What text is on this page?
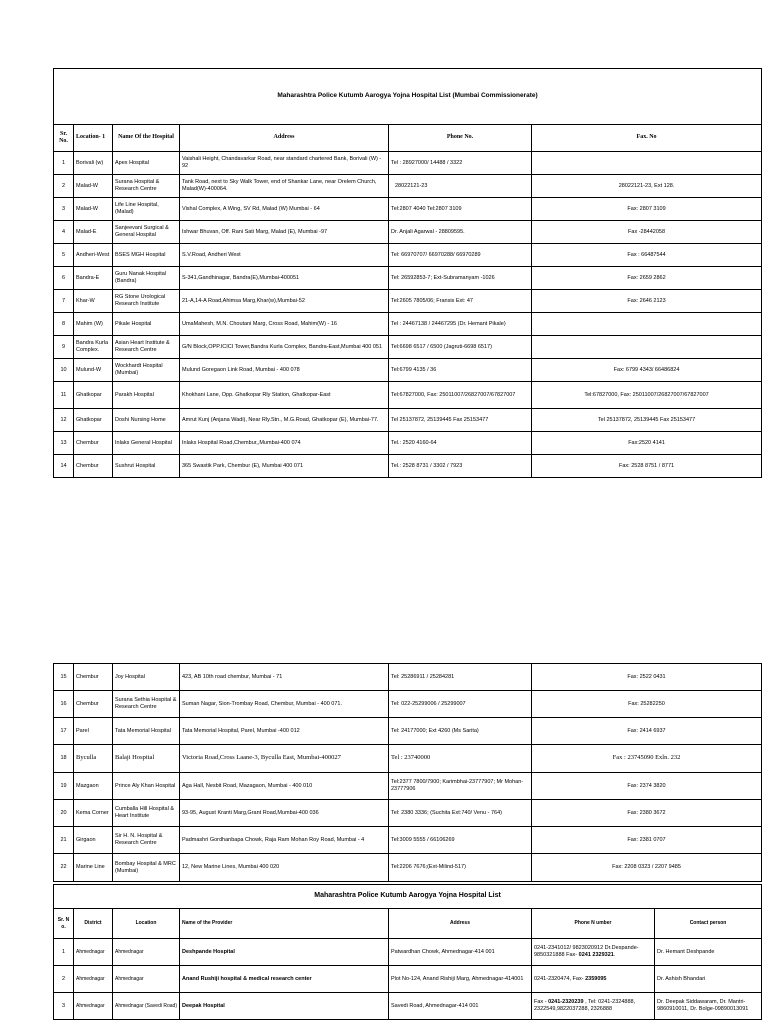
Maharashtra Police Kutumb Aarogya Yojna Hospital List (Mumbai Commissionerate)					
Sr. No.	Location- 1	Name Of the Hospital	Address	Phone No.	Fax. No
1	Borivali (w)	Apex Hospital	Vaishali Height, Chandavarkar Road, near standard chartered Bank, Borivali (W) - 92	Tel : 28927000/ 14488 / 3322	
2	Malad-W	Surana Hospital & Research Centre	Tank Road, next to Sky Walk Tower, end of Shankar Lane, near Orelem Church, Malad(W)-400064.	28022121-23	28022121-23, Ext 128.
3	Malad-W	Life Line Hospital, (Malad)	Vishal Complex, A Wing, SV Rd, Malad (W) Mumbai - 64	Tel:2807 4040 Tel:2807 3109	Fax: 2807 3109
4	Malad-E	Sanjeevani Surgical & General Hospital	Ishwar Bhuvan, Off. Rani Sati Marg, Malad (E), Mumbai -97	Dr. Anjali Agarwal - 28809595.	Fax -28442058
5	Andheri-West	BSES MGH Hospital	S.V.Road, Andheri West	Tel: 66970707/ 66970288/ 66970289	Fax : 66487544
6	Bandra-E	Guru Nanak Hospital (Bandra)	S-341,Gandhinagar, Bandra(E),Mumbai-400051	Tel: 26592853-7; Ext-Subramanyam -1026	Fax: 2659 2862
7	Khar-W	RG Stone Urological Research Institute	21-A,14-A Road,Ahimsa Marg,Khar(w),Mumbai-52	Tel:2605 7805/06; Fransis Ext: 47	Fax: 2646 2123
8	Mahim (W)	Pikale Hospital	UmaMahesh, M.N. Choutani Marg, Cross Road, Mahim(W) - 16	Tel : 24467138 / 24467295 (Dr. Hemant Pikale)	
9	Bandra Kurla Complex.	Asian Heart Institute & Research Centre	G/N Block,OPP.ICICI Tower,Bandra Kurla Complex, Bandra-East,Mumbai 400 051	Tel:6698 6517 / 6500 (Jagruti-6698 6517)	
10	Mulund-W	Wockhardt Hospital (Mumbai)	Mulund Goregaon Link Road, Mumbai - 400 078	Tel:6799 4135 / 36	Fax: 6799 4343/ 66486824
11	Ghatkopar	Parakh Hospital	Khokhani Lane, Opp. Ghatkopar Rly Station, Ghatkopar-East	Tel:67827000, Fax: 25011007/26827007/67827007	Tel:67827000, Fax: 25011007/26827007/67827007
12	Ghatkopar	Doshi Nursing Home	Amrut Kunj (Anjana Wadi), Near Rly.Stn., M.G.Road, Ghatkopar (E), Mumbai-77.	Tel 25137872, 25139445 Fax 25153477	Tel 25137872, 25139445 Fax 25153477
13	Chembur	Inlaks General Hospital	Inlaks Hospital Road,Chembur,,Mumbai-400 074	Tel.: 2520 4160-64	Fax:2520 4141
14	Chembur	Sushrut Hospital	365 Swastik Park, Chembur (E), Mumbai 400 071	Tel.: 2528 8731 / 3302 / 7923	Fax: 2528 8751 / 8771
15	Chembur	Joy Hospital	423, AB 10th road chembur, Mumbai - 71	Tel: 25286911 / 25284281	Fax: 2522 0431
16	Chembur	Surana Sethia Hospital & Research Centre	Suman Nagar, Sion-Trombay Road, Chembur, Mumbai - 400 071.	Tel: 022-25299006 / 25299007	Fax: 25282250
17	Parel	Tata Memorial Hospital	Tata Memorial Hospital, Parel, Mumbai -400 012	Tel: 24177000; Ext 4260 (Ms Sarita)	Fax: 2414 6937
18	Byculla	Balaji Hospital	Victoria Road,Cross Laane-3, Byculla East, Mumbai-400027	Tel : 23740000	Fax : 23745090 Exln. 232
19	Mazgaon	Prince Aly Khan Hospital	Aga Hall, Nesbit Road, Mazagaon, Mumbai - 400 010	Tel:2377 7800/7900; Karimbhai-23777907; Mr Mohan-23777906	Fax: 2374 3820
20	Kema Corner	Cumballa Hill Hospital & Heart Institute	93-95, August Kranti Marg,Grant Road,Mumbai-400 036	Tel: 2380 3336; (Suchita Ext:740/ Venu - 764)	Fax: 2380 3672
21	Girgaon	Sir H. N. Hospital & Research Centre	Padmashri Gordhanbapa Chowk, Raja Ram Mohan Roy Road, Mumbai - 4	Tel:3009 5555 / 66106269	Fax: 2381 0707
22	Marine Line	Bombay Hospital & MRC (Mumbai)	12, New Marine Lines, Mumbai 400 020	Tel:2206 7676;(Ext-Milind-517)	Fax: 2208 0323 / 2207 9485
Maharashtra Police Kutumb Aarogya Yojna Hospital List						
Sr. N o.	District	Location	Name of the Provider	Address	Phone N umber	Contact person
1	Ahmednagar	Ahmednagar	Deshpande Hospital	Patwardhan Chowk, Ahmednagar-414 001	0241-2341012/ 9823020912 Dr.Despande-9850321888 Fax- 0241 2329321.	Dr. Hemant Deshpande
2	Ahmednagar	Ahmednagar	Anand Rushiji hospital & medical research center	Plot No-124, Anand Rishiji Marg, Ahmednagar-414001	0241-2320474, Fax- 2359095	Dr. Ashish Bhandari
3	Ahmednagar	Ahmednagar (Savedi Road)	Deepak Hospital	Savedi Road, Ahmednagar-414 001	Fax - 0241-2320239 , Tel: 0241-2324888, 2322549,9822037288, 2326888	Dr. Deepak Siddawaram, Dr. Mantri-9860910011, Dr. Bolge-09890013091
